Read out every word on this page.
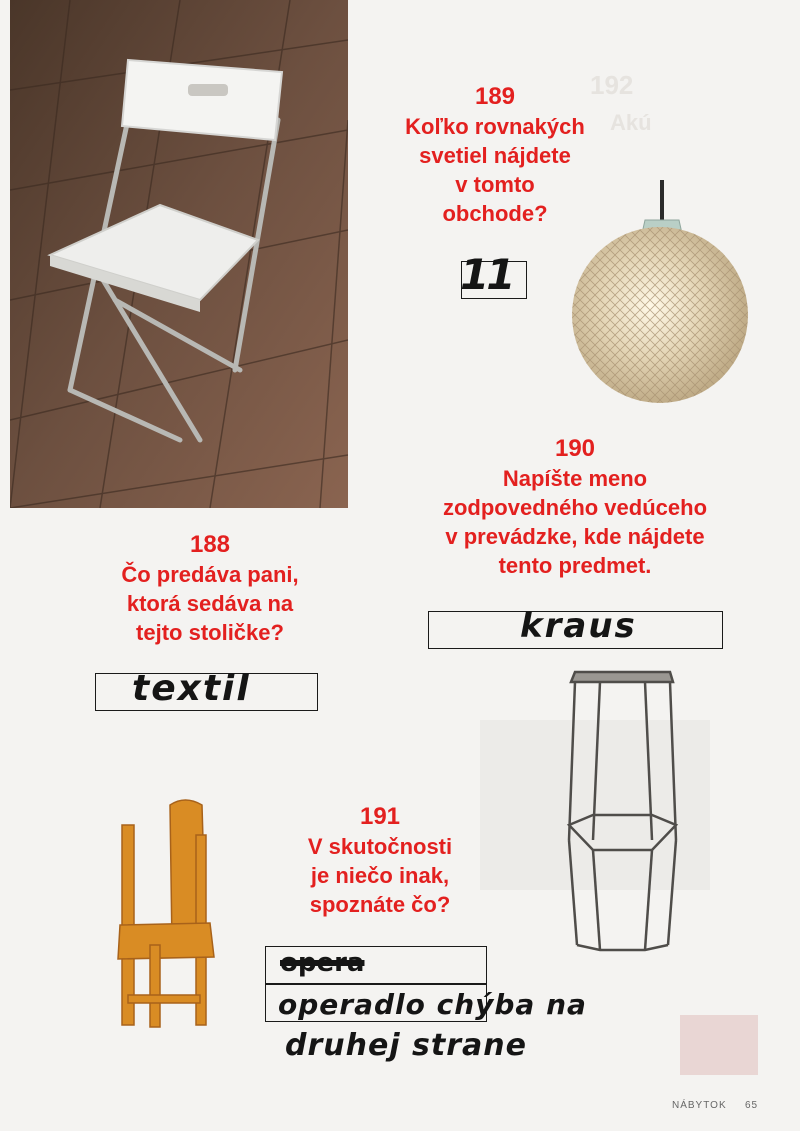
192
Akú
189
Koľko rovnakých
svetiel nájdete
v tomto
obchode?
11
190
Napíšte meno
zodpovedného vedúceho
v prevádzke, kde nájdete
tento predmet.
kraus
188
Čo predáva pani,
ktorá sedáva na
tejto stoličke?
textil
191
V skutočnosti
je niečo inak,
spoznáte čo?
opera
operadlo chýba na
druhej strane
NÁBYTOK 65
